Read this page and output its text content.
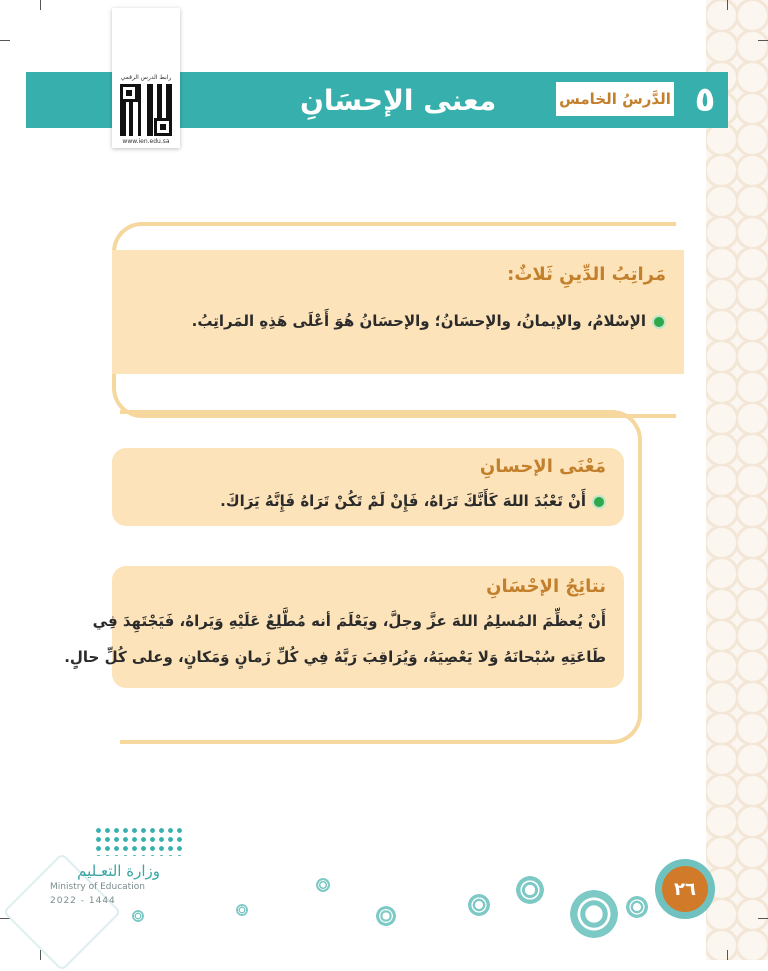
٥
الدَّرسُ الخامس
معنى الإحسَانِ
رابط الدرس الرقمي
www.ien.edu.sa
مَراتِبُ الدِّينِ ثَلاثٌ:
الإسْلامُ، والإيمانُ، والإحسَانُ؛ والإحسَانُ هُوَ أَعْلَى هَذِهِ المَراتِبُ.
مَعْنَى الإحسانِ
أَنْ تَعْبُدَ اللهَ كَأَنَّكَ تَرَاهُ، فَإِنْ لَمْ تَكُنْ تَرَاهُ فَإِنَّهُ يَرَاكَ.
نتائِجُ الإحْسَانِ
أَنْ يُعظِّمَ المُسلِمُ اللهَ عزَّ وجلَّ، ويَعْلَمَ أنه مُطَّلِعٌ عَلَيْهِ وَيَراهُ، فَيَجْتَهِدَ فِي
طَاعَتِهِ سُبْحانَهُ وَلا يَعْصِيَهُ، وَيُرَاقِبَ رَبَّهُ فِي كُلِّ زَمانٍ وَمَكانٍ، وعلى كُلِّ حالٍ.
وزارة التعـليم
Ministry of Education
2022 - 1444
٢٦
